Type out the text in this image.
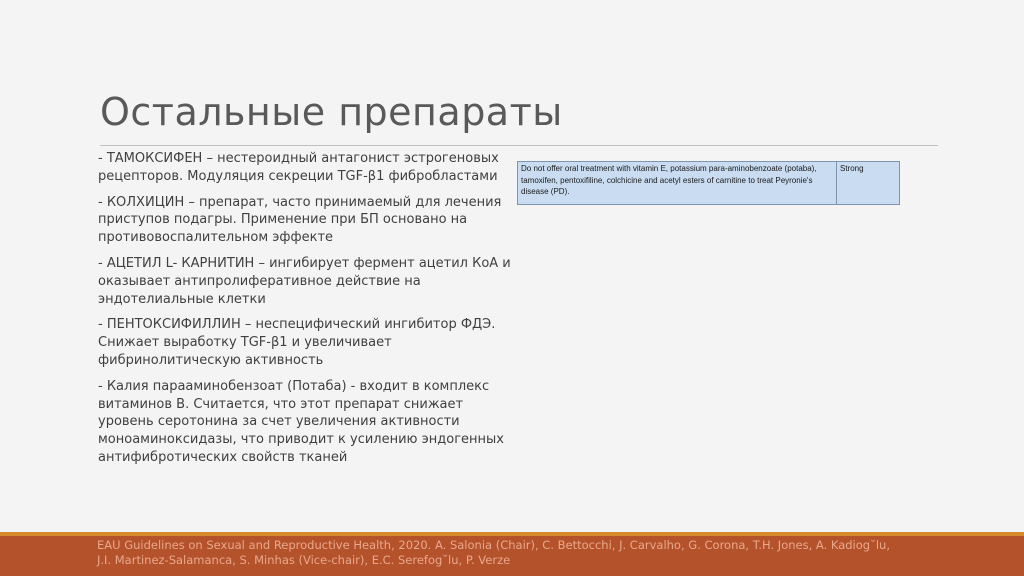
Остальные препараты

- ТАМОКСИФЕН – нестероидный антагонист эстрогеновых рецепторов. Модуляция секреции TGF-β1 фибробластами

- КОЛХИЦИН – препарат, часто принимаемый для лечения приступов подагры. Применение при БП основано на противовоспалительном эффекте

- АЦЕТИЛ L- КАРНИТИН – ингибирует фермент ацетил КоА и оказывает антипролиферативное действие на эндотелиальные клетки

- ПЕНТОКСИФИЛЛИН – неспецифический ингибитор ФДЭ. Снижает выработку TGF-β1 и увеличивает фибринолитическую активность

- Калия парааминобензоат (Потаба) - входит в комплекс витаминов В. Считается, что этот препарат снижает уровень серотонина за счет увеличения активности моноаминоксидазы, что приводит к усилению эндогенных антифибротических свойств тканей

Do not offer oral treatment with vitamin E, potassium para-aminobenzoate (potaba), tamoxifen, pentoxifiline, colchicine and acetyl esters of carnitine to treat Peyronie's disease (PD).	Strong
EAU Guidelines on Sexual and Reproductive Health, 2020. A. Salonia (Chair), C. Bettocchi, J. Carvalho, G. Corona, T.H. Jones, A. Kadiog˘lu, J.I. Martinez-Salamanca, S. Minhas (Vice-chair), E.C. Serefog˘lu, P. Verze
